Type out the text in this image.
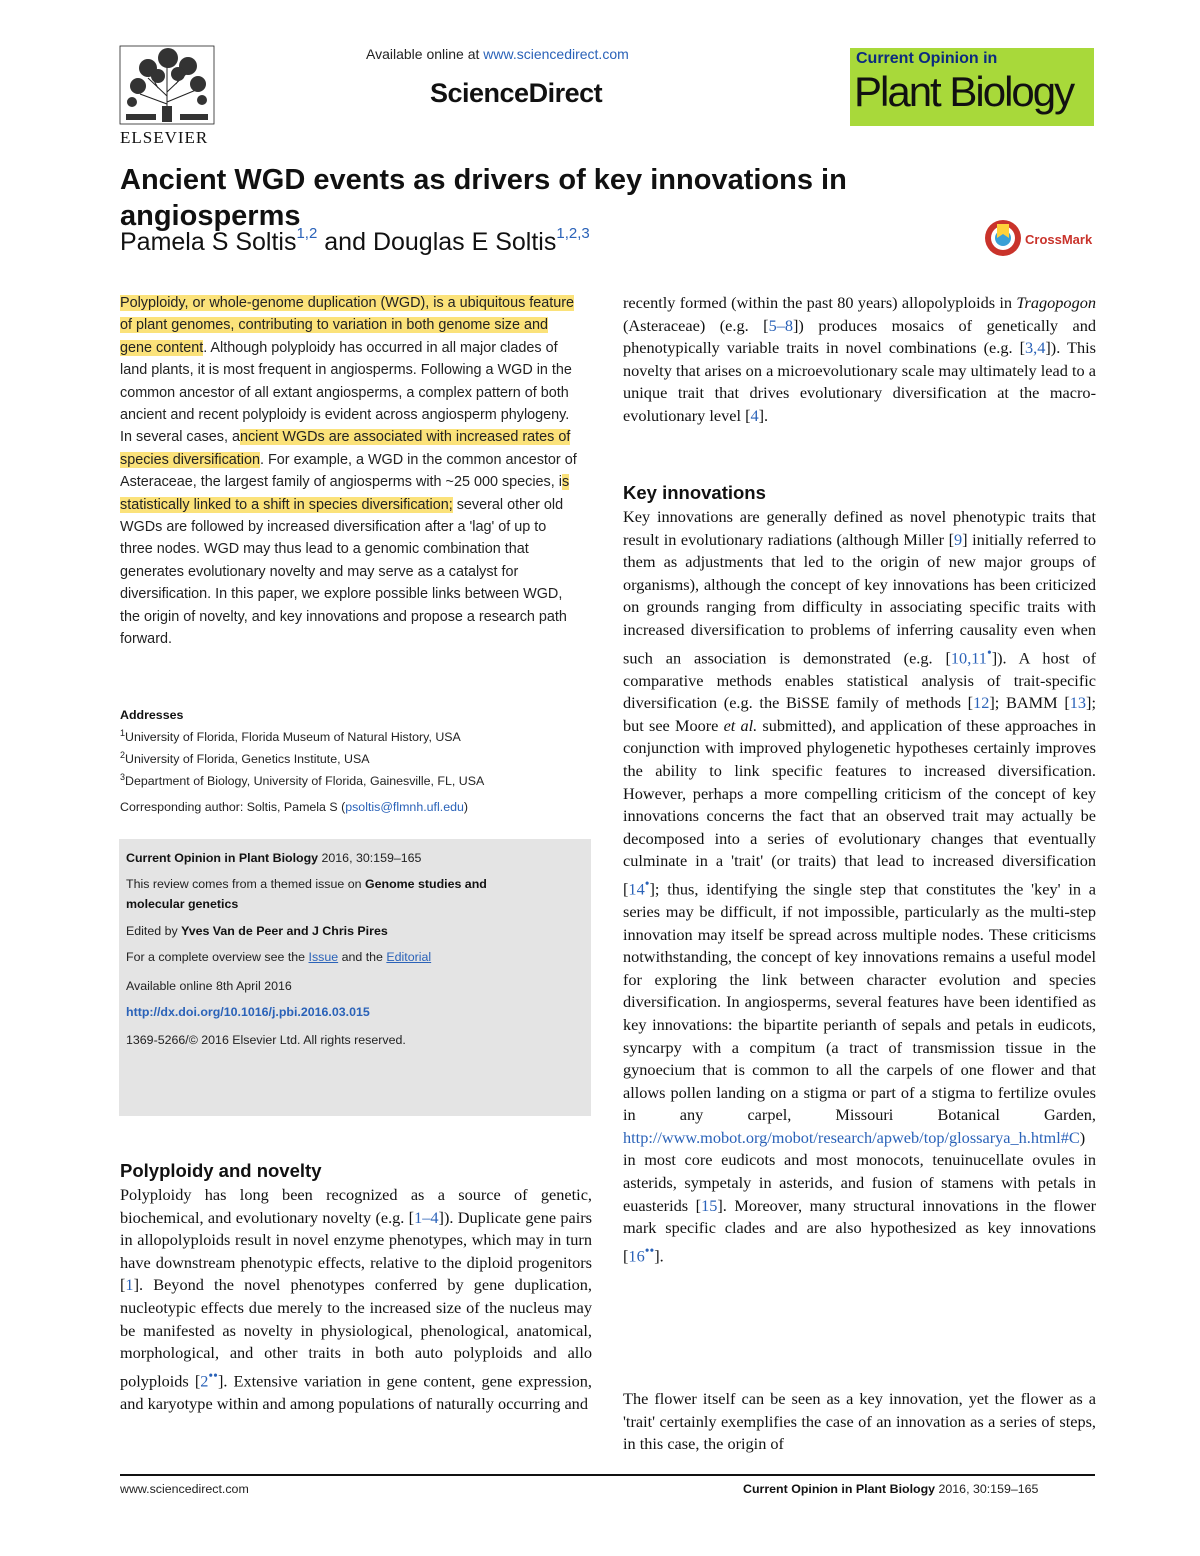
ELSEVIER
Available online at www.sciencedirect.com
ScienceDirect
Current Opinion in
Plant Biology
Ancient WGD events as drivers of key innovations in angiosperms
Pamela S Soltis$^{1,2}$ and Douglas E Soltis$^{1,2,3}$	CrossMark
Polyploidy, or whole-genome duplication (WGD), is a ubiquitous feature of plant genomes, contributing to variation in both genome size and gene content. Although polyploidy has occurred in all major clades of land plants, it is most frequent in angiosperms. Following a WGD in the common ancestor of all extant angiosperms, a complex pattern of both ancient and recent polyploidy is evident across angiosperm phylogeny. In several cases, ancient WGDs are associated with increased rates of species diversification. For example, a WGD in the common ancestor of Asteraceae, the largest family of angiosperms with ~25 000 species, is statistically linked to a shift in species diversification; several other old WGDs are followed by increased diversification after a 'lag' of up to three nodes. WGD may thus lead to a genomic combination that generates evolutionary novelty and may serve as a catalyst for diversification. In this paper, we explore possible links between WGD, the origin of novelty, and key innovations and propose a research path forward.
Addresses
$^1$University of Florida, Florida Museum of Natural History, USA
$^2$University of Florida, Genetics Institute, USA
$^3$Department of Biology, University of Florida, Gainesville, FL, USA
Corresponding author: Soltis, Pamela S (psoltis@flmnh.ufl.edu)
Current Opinion in Plant Biology 2016, 30:159–165
This review comes from a themed issue on Genome studies and
molecular genetics
Edited by Yves Van de Peer and J Chris Pires
For a complete overview see the Issue and the Editorial
Available online 8th April 2016
http://dx.doi.org/10.1016/j.pbi.2016.03.015
1369-5266/© 2016 Elsevier Ltd. All rights reserved.
Polyploidy and novelty
Polyploidy has long been recognized as a source of genetic, biochemical, and evolutionary novelty (e.g. [1–4]). Duplicate gene pairs in allopolyploids result in novel enzyme phenotypes, which may in turn have downstream phenotypic effects, relative to the diploid progenitors [1]. Beyond the novel phenotypes conferred by gene duplication, nucleotypic effects due merely to the increased size of the nucleus may be manifested as novelty in physiological, phenological, anatomical, morphological, and other traits in both auto polyploids and allo polyploids [2••]. Extensive variation in gene content, gene expression, and karyotype within and among populations of naturally occurring and
recently formed (within the past 80 years) allopolyploids in Tragopogon (Asteraceae) (e.g. [5–8]) produces mosaics of genetically and phenotypically variable traits in novel combinations (e.g. [3,4]). This novelty that arises on a microevolutionary scale may ultimately lead to a unique trait that drives evolutionary diversification at the macro-evolutionary level [4].
Key innovations
Key innovations are generally defined as novel phenotypic traits that result in evolutionary radiations (although Miller [9] initially referred to them as adjustments that led to the origin of new major groups of organisms), although the concept of key innovations has been criticized on grounds ranging from difficulty in associating specific traits with increased diversification to problems of inferring causality even when such an association is demonstrated (e.g. [10,11•]). A host of comparative methods enables statistical analysis of trait-specific diversification (e.g. the BiSSE family of methods [12]; BAMM [13]; but see Moore et al. submitted), and application of these approaches in conjunction with improved phylogenetic hypotheses certainly improves the ability to link specific features to increased diversification. However, perhaps a more compelling criticism of the concept of key innovations concerns the fact that an observed trait may actually be decomposed into a series of evolutionary changes that eventually culminate in a 'trait' (or traits) that lead to increased diversification [14•]; thus, identifying the single step that constitutes the 'key' in a series may be difficult, if not impossible, particularly as the multi-step innovation may itself be spread across multiple nodes. These criticisms notwithstanding, the concept of key innovations remains a useful model for exploring the link between character evolution and species diversification. In angiosperms, several features have been identified as key innovations: the bipartite perianth of sepals and petals in eudicots, syncarpy with a compitum (a tract of transmission tissue in the gynoecium that is common to all the carpels of one flower and that allows pollen landing on a stigma or part of a stigma to fertilize ovules in any carpel, Missouri Botanical Garden, http://www.mobot.org/mobot/research/apweb/top/glossarya_h.html#C) in most core eudicots and most monocots, tenuinucellate ovules in asterids, sympetaly in asterids, and fusion of stamens with petals in euasterids [15]. Moreover, many structural innovations in the flower mark specific clades and are also hypothesized as key innovations [16••].
The flower itself can be seen as a key innovation, yet the flower as a 'trait' certainly exemplifies the case of an innovation as a series of steps, in this case, the origin of
www.sciencedirect.com	Current Opinion in Plant Biology 2016, 30:159–165
